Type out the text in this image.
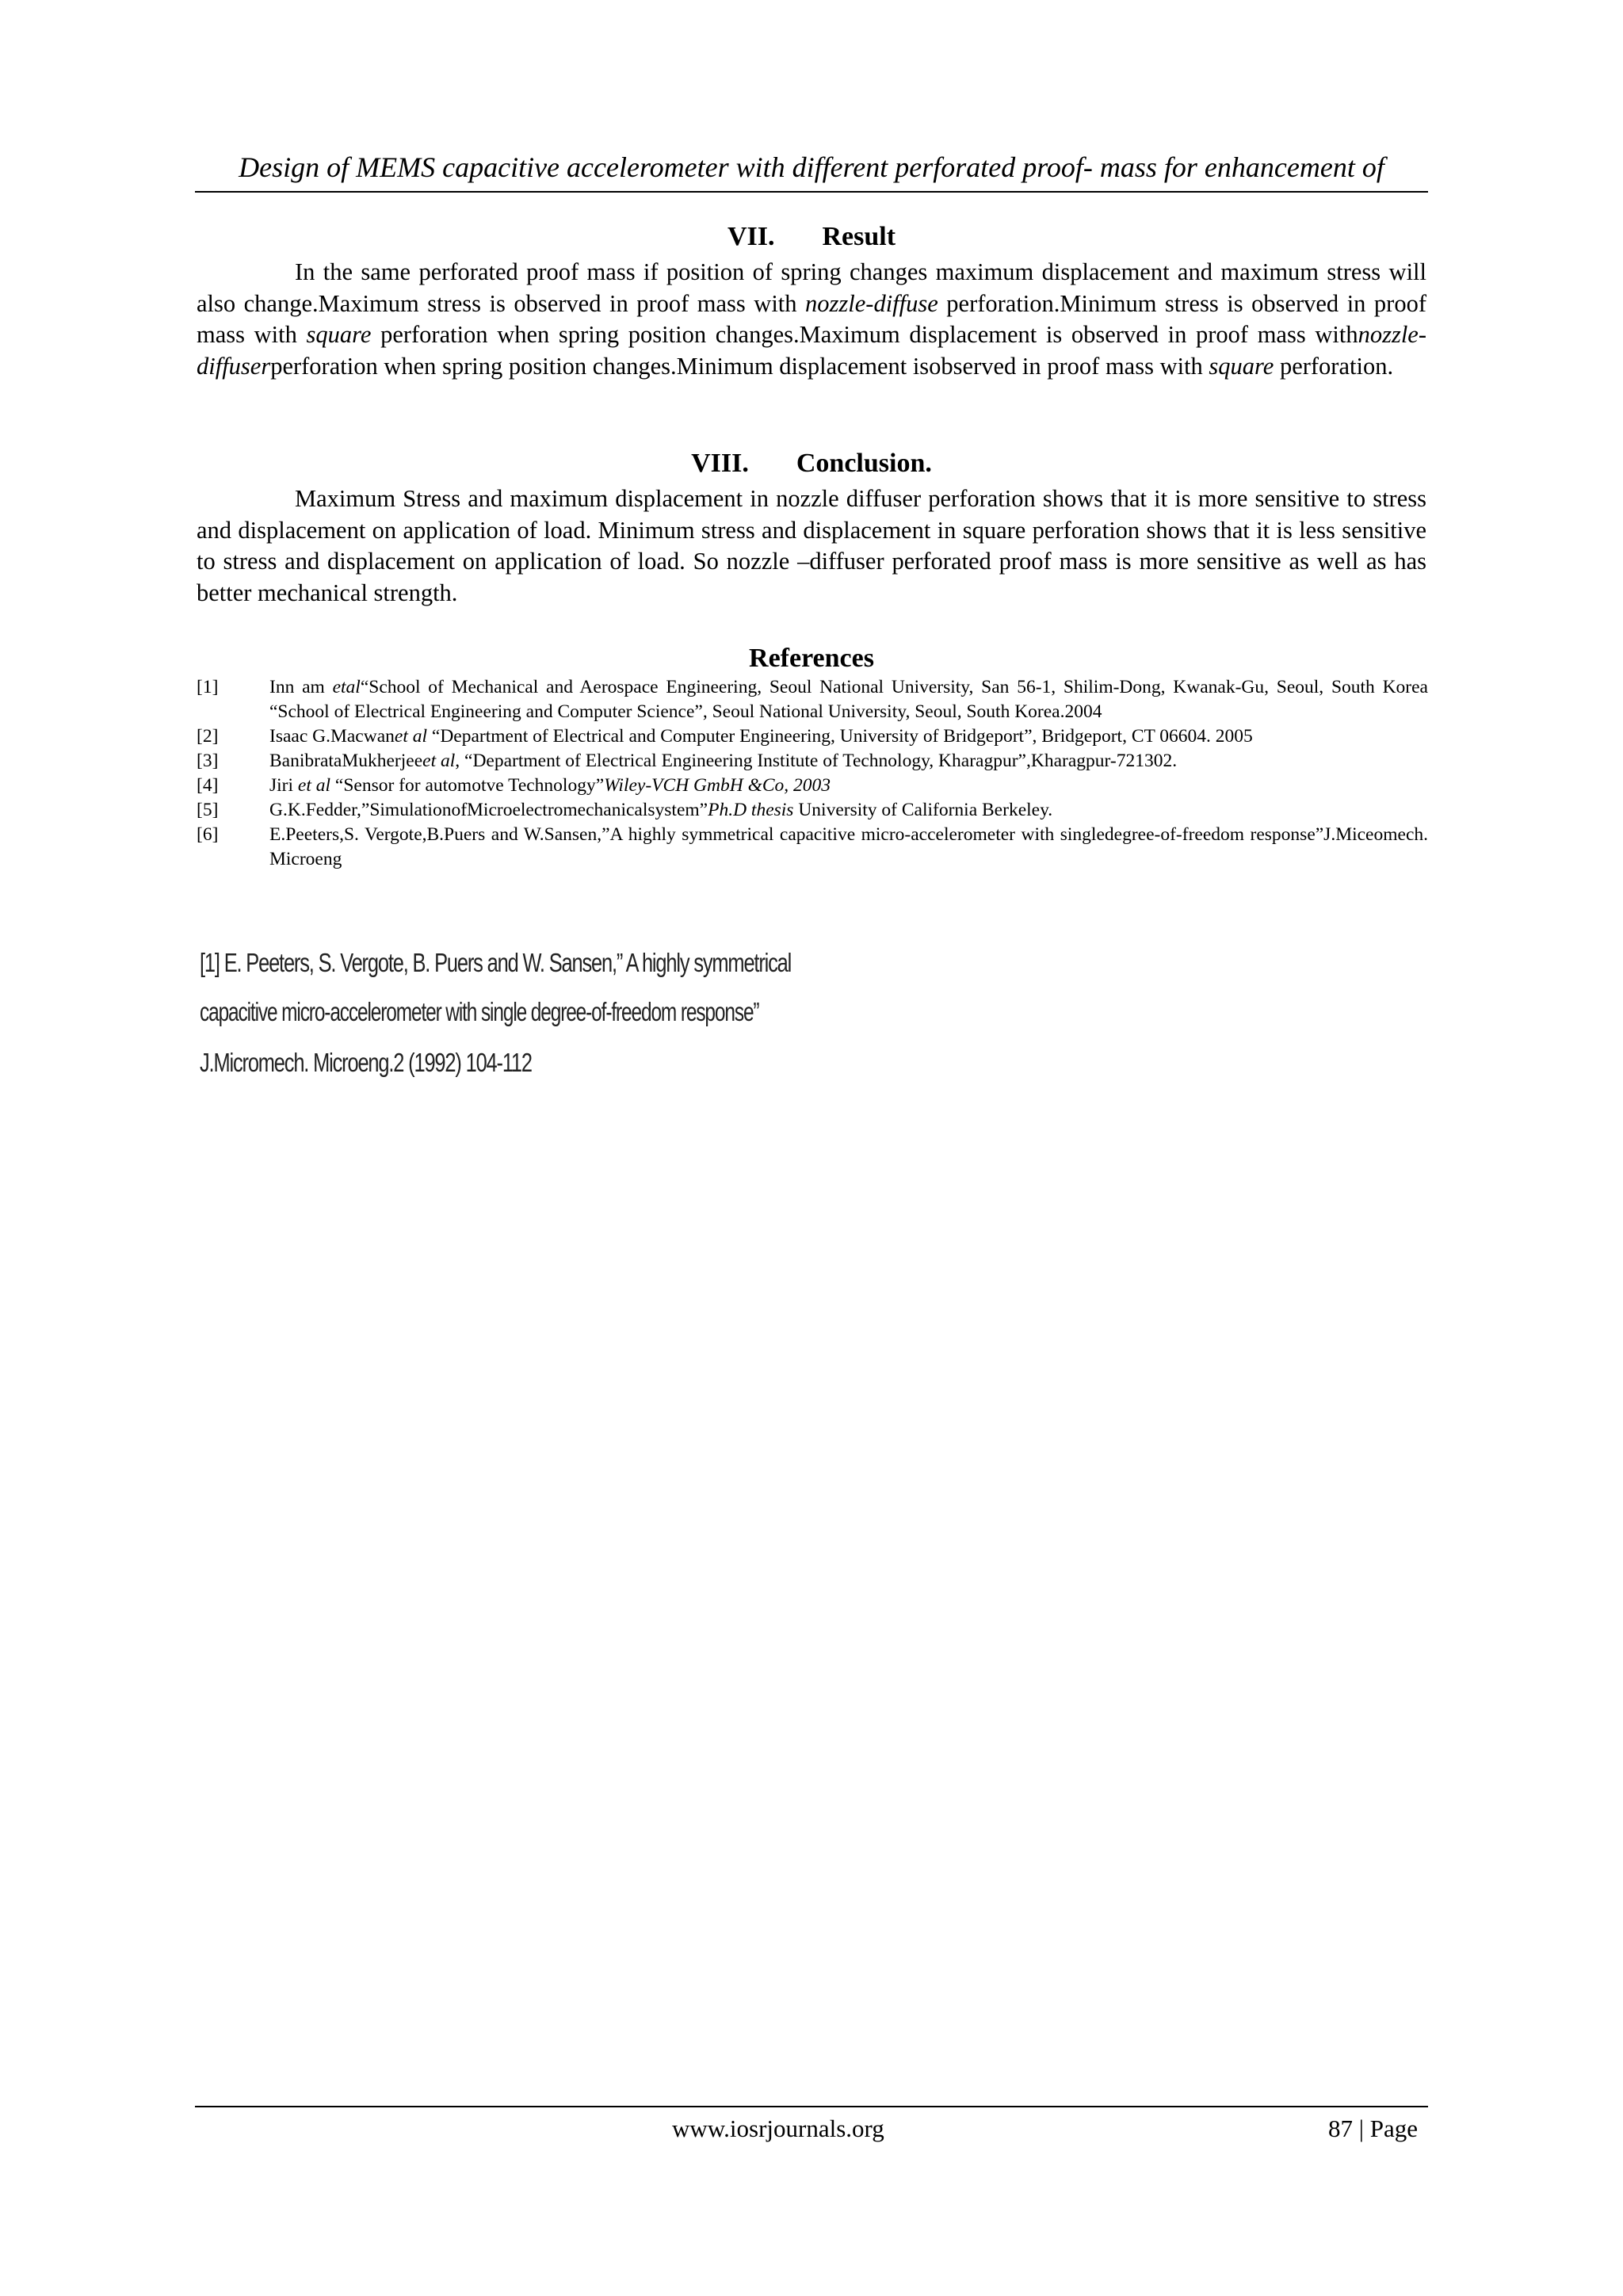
Design of MEMS capacitive accelerometer with different perforated proof- mass for enhancement of
VII. Result

In the same perforated proof mass if position of spring changes maximum displacement and maximum stress will also change.Maximum stress is observed in proof mass with nozzle-diffuse perforation.Minimum stress is observed in proof mass with square perforation when spring position changes.Maximum displacement is observed in proof mass withnozzle-diffuserperforation when spring position changes.Minimum displacement isobserved in proof mass with square perforation.

VIII. Conclusion.

Maximum Stress and maximum displacement in nozzle diffuser perforation shows that it is more sensitive to stress and displacement on application of load. Minimum stress and displacement in square perforation shows that it is less sensitive to stress and displacement on application of load. So nozzle –diffuser perforated proof mass is more sensitive as well as has better mechanical strength.

References
[1]	Inn am etal“School of Mechanical and Aerospace Engineering, Seoul National University, San 56-1, Shilim-Dong, Kwanak-Gu, Seoul, South Korea “School of Electrical Engineering and Computer Science”, Seoul National University, Seoul, South Korea.2004
[2]	Isaac G.Macwanet al “Department of Electrical and Computer Engineering, University of Bridgeport”, Bridgeport, CT 06604. 2005
[3]	BanibrataMukherjeeet al, “Department of Electrical Engineering Institute of Technology, Kharagpur”,Kharagpur-721302.
[4]	Jiri et al “Sensor for automotve Technology”Wiley-VCH GmbH &Co, 2003
[5]	G.K.Fedder,”SimulationofMicroelectromechanicalsystem”Ph.D thesis University of California Berkeley.
[6]	E.Peeters,S. Vergote,B.Puers and W.Sansen,”A highly symmetrical capacitive micro-accelerometer with singledegree-of-freedom response”J.Miceomech. Microeng
[1] E. Peeters, S. Vergote, B. Puers and W. Sansen,” A highly symmetrical
capacitive micro-accelerometer with single degree-of-freedom response”
J.Micromech. Microeng.2 (1992) 104-112
www.iosrjournals.org	87 | Page
